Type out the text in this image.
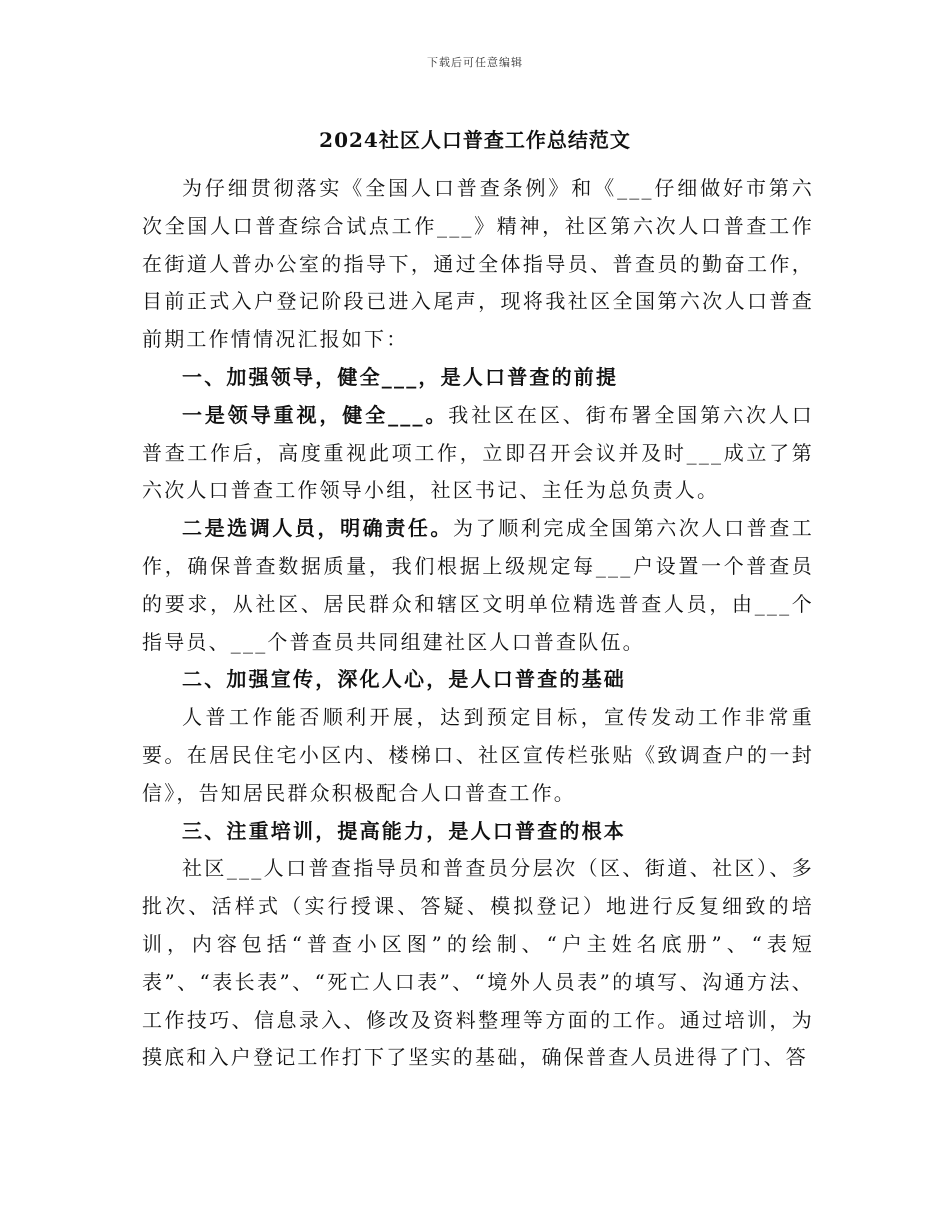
下载后可任意编辑
2024社区人口普查工作总结范文

为仔细贯彻落实《全国人口普查条例》和《___仔细做好市第六次全国人口普查综合试点工作___》精神，社区第六次人口普查工作在街道人普办公室的指导下，通过全体指导员、普查员的勤奋工作，目前正式入户登记阶段已进入尾声，现将我社区全国第六次人口普查前期工作情情况汇报如下：

一、加强领导，健全___，是人口普查的前提

一是领导重视，健全___。我社区在区、街布署全国第六次人口普查工作后，高度重视此项工作，立即召开会议并及时___成立了第六次人口普查工作领导小组，社区书记、主任为总负责人。

二是选调人员，明确责任。为了顺利完成全国第六次人口普查工作，确保普查数据质量，我们根据上级规定每___户设置一个普查员的要求，从社区、居民群众和辖区文明单位精选普查人员，由___个指导员、___个普查员共同组建社区人口普查队伍。

二、加强宣传，深化人心，是人口普查的基础

人普工作能否顺利开展，达到预定目标，宣传发动工作非常重要。在居民住宅小区内、楼梯口、社区宣传栏张贴《致调查户的一封信》，告知居民群众积极配合人口普查工作。

三、注重培训，提高能力，是人口普查的根本

社区___人口普查指导员和普查员分层次（区、街道、社区）、多批次、活样式（实行授课、答疑、模拟登记）地进行反复细致的培训，内容包括“普查小区图”的绘制、“户主姓名底册”、“表短表”、“表长表”、“死亡人口表”、“境外人员表”的填写、沟通方法、工作技巧、信息录入、修改及资料整理等方面的工作。通过培训，为摸底和入户登记工作打下了坚实的基础，确保普查人员进得了门、答
